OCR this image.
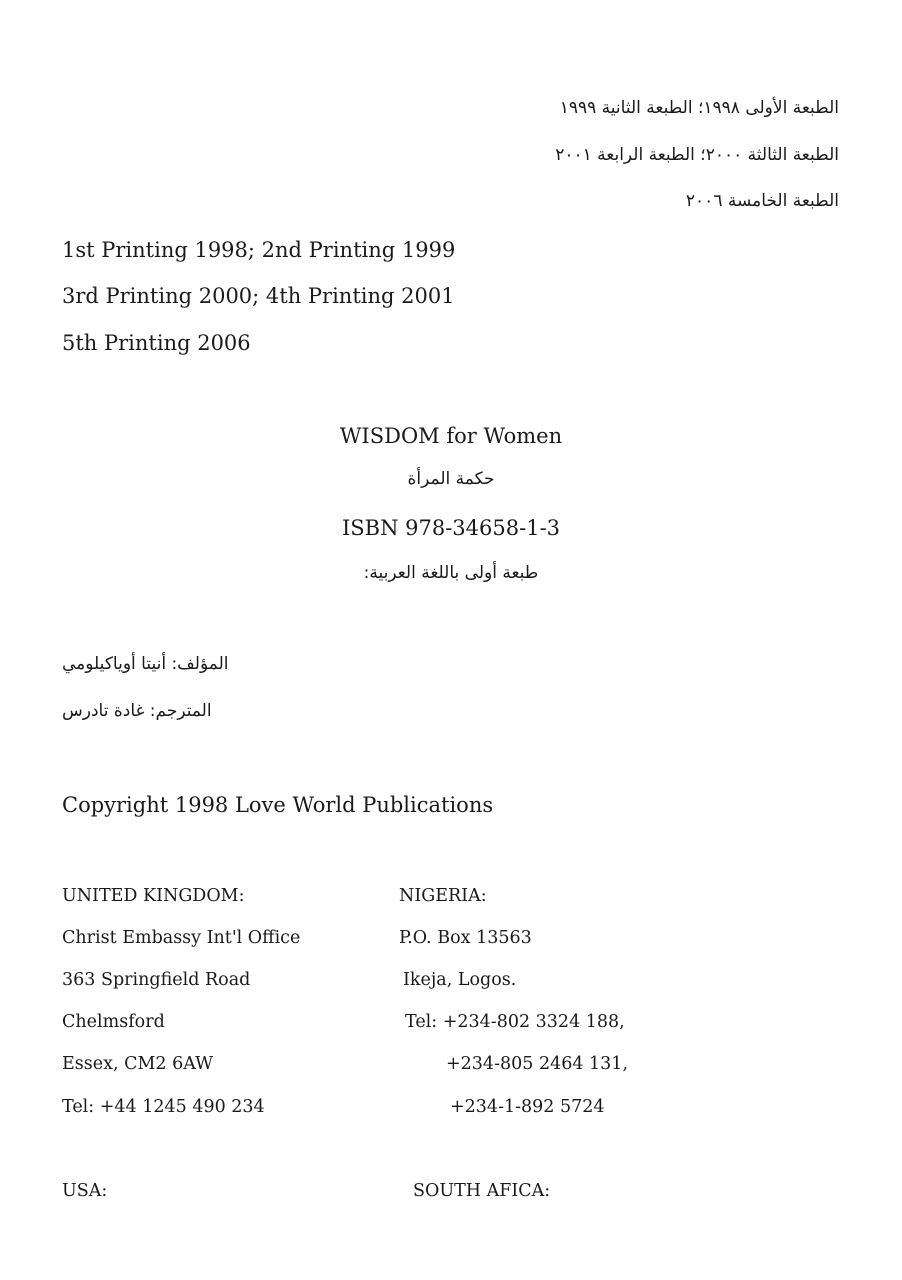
الطبعة الأولى ١٩٩٨؛ الطبعة الثانية ١٩٩٩
الطبعة الثالثة ٢٠٠٠؛ الطبعة الرابعة ٢٠٠١
الطبعة الخامسة ٢٠٠٦
1st Printing 1998; 2nd Printing 1999
3rd Printing 2000; 4th Printing 2001
5th Printing 2006
WISDOM for Women
حكمة المرأة
ISBN 978-34658-1-3
طبعة أولى باللغة العربية:
المؤلف: أنيتا أوياكيلومي
المترجم: غادة تادرس
Copyright 1998 Love World Publications
UNITED KINGDOM:
Christ Embassy Int'l Office
363 Springfield Road
Chelmsford
Essex, CM2 6AW
Tel: +44 1245 490 234
NIGERIA:
P.O. Box 13563
Ikeja, Logos.
Tel: +234-802 3324 188,
+234-805 2464 131,
+234-1-892 5724
USA:	SOUTH AFICA:
